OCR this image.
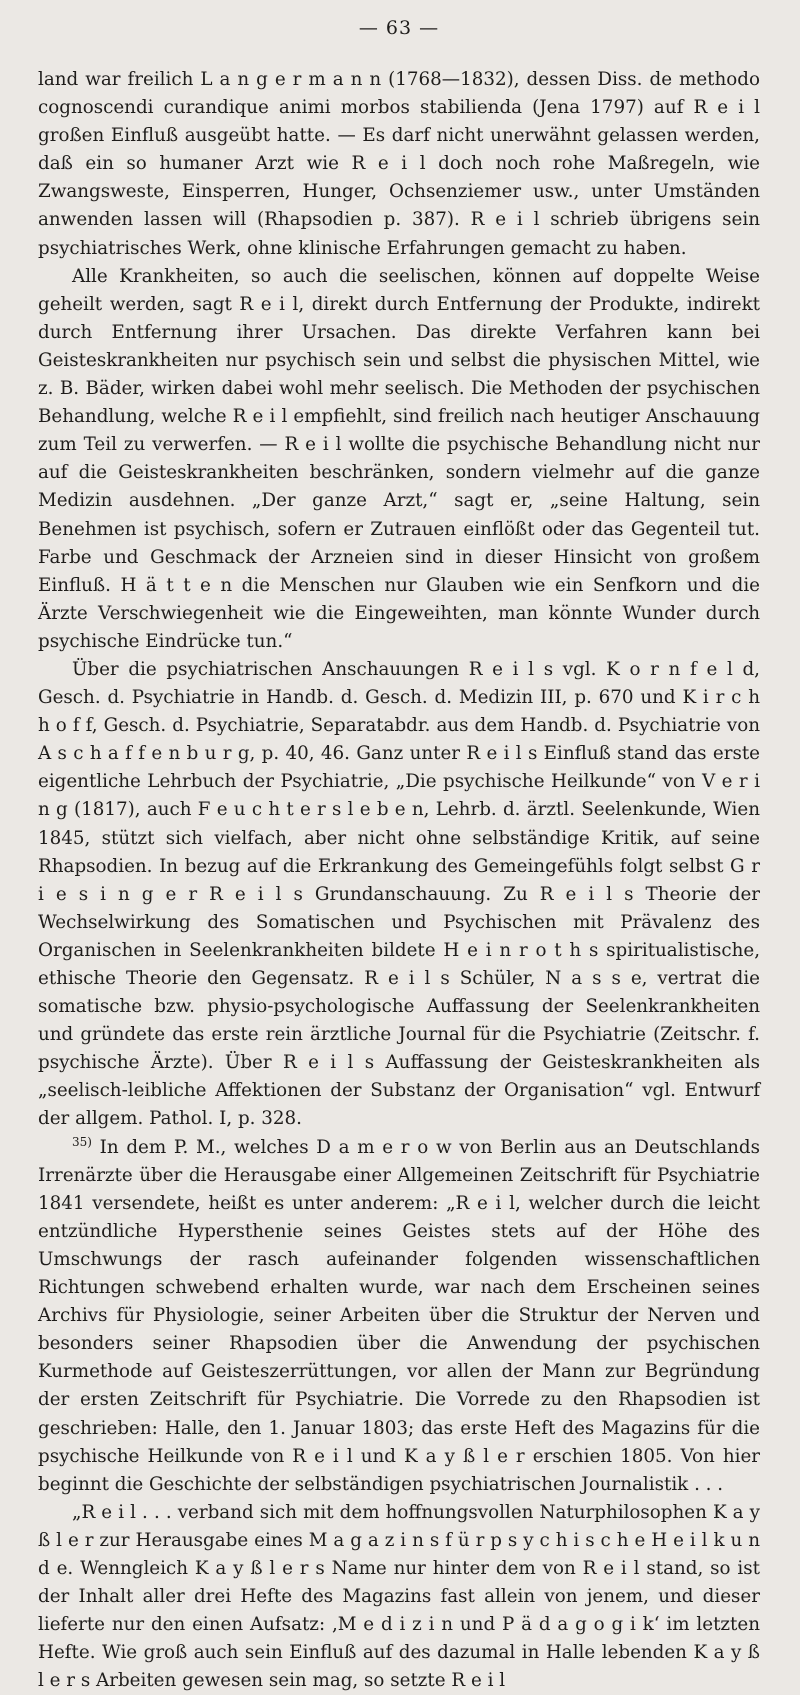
— 63 —

land war freilich L a n g e r m a n n (1768—1832), dessen Diss. de methodo cognoscendi curandique animi morbos stabilienda (Jena 1797) auf R e i l großen Einfluß ausgeübt hatte. — Es darf nicht unerwähnt gelassen werden, daß ein so humaner Arzt wie R e i l doch noch rohe Maßregeln, wie Zwangsweste, Einsperren, Hunger, Ochsenziemer usw., unter Umständen anwenden lassen will (Rhapsodien p. 387). R e i l schrieb übrigens sein psychiatrisches Werk, ohne klinische Erfahrungen gemacht zu haben.

Alle Krankheiten, so auch die seelischen, können auf doppelte Weise geheilt werden, sagt R e i l, direkt durch Entfernung der Produkte, indirekt durch Entfernung ihrer Ursachen. Das direkte Verfahren kann bei Geisteskrankheiten nur psychisch sein und selbst die physischen Mittel, wie z. B. Bäder, wirken dabei wohl mehr seelisch. Die Methoden der psychischen Behandlung, welche R e i l empfiehlt, sind freilich nach heutiger Anschauung zum Teil zu verwerfen. — R e i l wollte die psychische Behandlung nicht nur auf die Geisteskrankheiten beschränken, sondern vielmehr auf die ganze Medizin ausdehnen. „Der ganze Arzt,“ sagt er, „seine Haltung, sein Benehmen ist psychisch, sofern er Zutrauen einflößt oder das Gegenteil tut. Farbe und Geschmack der Arzneien sind in dieser Hinsicht von großem Einfluß. H ä t t e n die Menschen nur Glauben wie ein Senfkorn und die Ärzte Verschwiegenheit wie die Eingeweihten, man könnte Wunder durch psychische Eindrücke tun.“

Über die psychiatrischen Anschauungen R e i l s vgl. K o r n f e l d, Gesch. d. Psychiatrie in Handb. d. Gesch. d. Medizin III, p. 670 und K i r c h h o f f, Gesch. d. Psychiatrie, Separatabdr. aus dem Handb. d. Psychiatrie von A s c h a f f e n b u r g, p. 40, 46. Ganz unter R e i l s Einfluß stand das erste eigentliche Lehrbuch der Psychiatrie, „Die psychische Heilkunde“ von V e r i n g (1817), auch F e u c h t e r s l e b e n, Lehrb. d. ärztl. Seelenkunde, Wien 1845, stützt sich vielfach, aber nicht ohne selbständige Kritik, auf seine Rhapsodien. In bezug auf die Erkrankung des Gemeingefühls folgt selbst G r i e s i n g e r R e i l s Grundanschauung. Zu R e i l s Theorie der Wechselwirkung des Somatischen und Psychischen mit Prävalenz des Organischen in Seelenkrankheiten bildete H e i n r o t h s spiritualistische, ethische Theorie den Gegensatz. R e i l s Schüler, N a s s e, vertrat die somatische bzw. physio-psychologische Auffassung der Seelenkrankheiten und gründete das erste rein ärztliche Journal für die Psychiatrie (Zeitschr. f. psychische Ärzte). Über R e i l s Auffassung der Geisteskrankheiten als „seelisch-leibliche Affektionen der Substanz der Organisation“ vgl. Entwurf der allgem. Pathol. I, p. 328.

$^{35)}$ In dem P. M., welches D a m e r o w von Berlin aus an Deutschlands Irrenärzte über die Herausgabe einer Allgemeinen Zeitschrift für Psychiatrie 1841 versendete, heißt es unter anderem: „R e i l, welcher durch die leicht entzündliche Hypersthenie seines Geistes stets auf der Höhe des Umschwungs der rasch aufeinander folgenden wissenschaftlichen Richtungen schwebend erhalten wurde, war nach dem Erscheinen seines Archivs für Physiologie, seiner Arbeiten über die Struktur der Nerven und besonders seiner Rhapsodien über die Anwendung der psychischen Kurmethode auf Geisteszerrüttungen, vor allen der Mann zur Begründung der ersten Zeitschrift für Psychiatrie. Die Vorrede zu den Rhapsodien ist geschrieben: Halle, den 1. Januar 1803; das erste Heft des Magazins für die psychische Heilkunde von R e i l und K a y ß l e r erschien 1805. Von hier beginnt die Geschichte der selbständigen psychiatrischen Journalistik . . .

„R e i l . . . verband sich mit dem hoffnungsvollen Naturphilosophen K a y ß l e r zur Herausgabe eines M a g a z i n s f ü r p s y c h i s c h e H e i l k u n d e. Wenngleich K a y ß l e r s Name nur hinter dem von R e i l stand, so ist der Inhalt aller drei Hefte des Magazins fast allein von jenem, und dieser lieferte nur den einen Aufsatz: ‚M e d i z i n und P ä d a g o g i k‘ im letzten Hefte. Wie groß auch sein Einfluß auf des dazumal in Halle lebenden K a y ß l e r s Arbeiten gewesen sein mag, so setzte R e i l
